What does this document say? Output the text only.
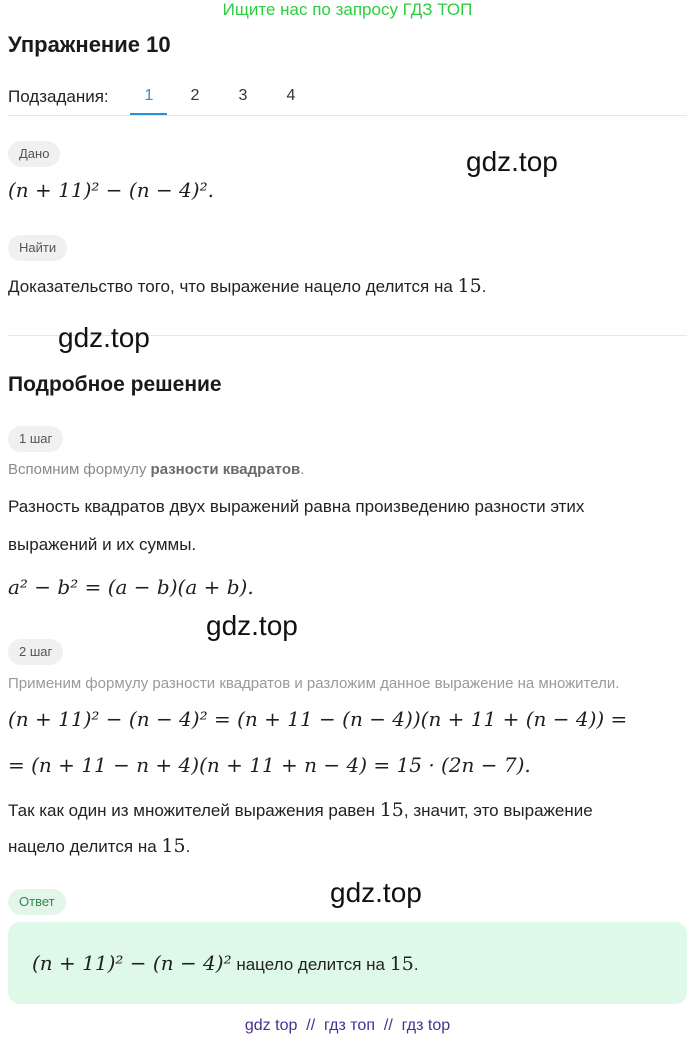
Ищите нас по запросу ГДЗ ТОП
Упражнение 10
Подзадания:	1	2	3	4
Дано
(n + 11)² − (n − 4)².
gdz.top
Найти
Доказательство того, что выражение нацело делится на 15.
gdz.top
Подробное решение
1 шаг
Вспомним формулу разности квадратов.
Разность квадратов двух выражений равна произведению разности этих
выражений и их суммы.
a² − b² = (a − b)(a + b).
gdz.top
2 шаг
Применим формулу разности квадратов и разложим данное выражение на множители.
(n + 11)² − (n − 4)² = (n + 11 − (n − 4))(n + 11 + (n − 4)) =
= (n + 11 − n + 4)(n + 11 + n − 4) = 15 · (2n − 7).
Так как один из множителей выражения равен 15, значит, это выражение
нацело делится на 15.
Ответ	gdz.top
(n + 11)² − (n − 4)² нацело делится на 15.
gdz top  //  гдз топ  //  гдз top
